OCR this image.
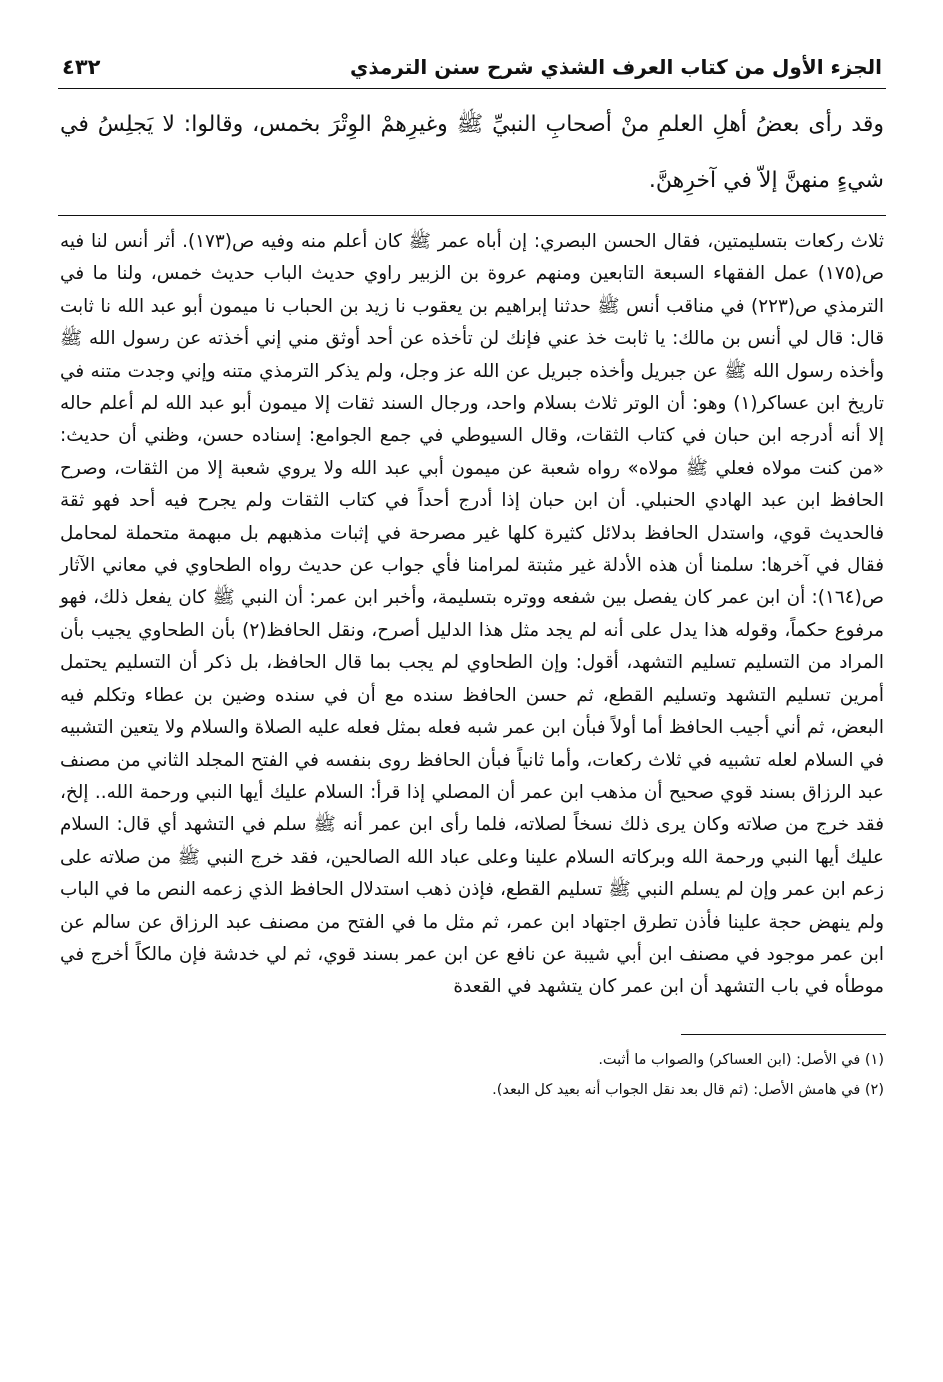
الجزء الأول من كتاب العرف الشذي شرح سنن الترمذي
٤٣٢

وقد رأى بعضُ أهلِ العلمِ منْ أصحابِ النبيِّ ﷺ وغيرِهمْ الوِتْرَ بخمس، وقالوا: لا يَجلِسُ في شيءٍ منهنَّ إلاّ في آخرِهنَّ.

ثلاث ركعات بتسليمتين، فقال الحسن البصري: إن أباه عمر ﷺ كان أعلم منه وفيه ص(١٧٣). أثر أنس لنا فيه ص(١٧٥) عمل الفقهاء السبعة التابعين ومنهم عروة بن الزبير راوي حديث الباب حديث خمس، ولنا ما في الترمذي ص(٢٢٣) في مناقب أنس ﷺ حدثنا إبراهيم بن يعقوب نا زيد بن الحباب نا ميمون أبو عبد الله نا ثابت قال: قال لي أنس بن مالك: يا ثابت خذ عني فإنك لن تأخذه عن أحد أوثق مني إني أخذته عن رسول الله ﷺ وأخذه رسول الله ﷺ عن جبريل وأخذه جبريل عن الله عز وجل، ولم يذكر الترمذي متنه وإني وجدت متنه في تاريخ ابن عساكر(١) وهو: أن الوتر ثلاث بسلام واحد، ورجال السند ثقات إلا ميمون أبو عبد الله لم أعلم حاله إلا أنه أدرجه ابن حبان في كتاب الثقات، وقال السيوطي في جمع الجوامع: إسناده حسن، وظني أن حديث: «من كنت مولاه فعلي ﷺ مولاه» رواه شعبة عن ميمون أبي عبد الله ولا يروي شعبة إلا من الثقات، وصرح الحافظ ابن عبد الهادي الحنبلي. أن ابن حبان إذا أدرج أحداً في كتاب الثقات ولم يجرح فيه أحد فهو ثقة فالحديث قوي، واستدل الحافظ بدلائل كثيرة كلها غير مصرحة في إثبات مذهبهم بل مبهمة متحملة لمحامل فقال في آخرها: سلمنا أن هذه الأدلة غير مثبتة لمرامنا فأي جواب عن حديث رواه الطحاوي في معاني الآثار ص(١٦٤): أن ابن عمر كان يفصل بين شفعه ووتره بتسليمة، وأخبر ابن عمر: أن النبي ﷺ كان يفعل ذلك، فهو مرفوع حكماً، وقوله هذا يدل على أنه لم يجد مثل هذا الدليل أصرح، ونقل الحافظ(٢) بأن الطحاوي يجيب بأن المراد من التسليم تسليم التشهد، أقول: وإن الطحاوي لم يجب بما قال الحافظ، بل ذكر أن التسليم يحتمل أمرين تسليم التشهد وتسليم القطع، ثم حسن الحافظ سنده مع أن في سنده وضين بن عطاء وتكلم فيه البعض، ثم أني أجيب الحافظ أما أولاً فبأن ابن عمر شبه فعله بمثل فعله عليه الصلاة والسلام ولا يتعين التشبيه في السلام لعله تشبيه في ثلاث ركعات، وأما ثانياً فبأن الحافظ روى بنفسه في الفتح المجلد الثاني من مصنف عبد الرزاق بسند قوي صحيح أن مذهب ابن عمر أن المصلي إذا قرأ: السلام عليك أيها النبي ورحمة الله.. إلخ، فقد خرج من صلاته وكان يرى ذلك نسخاً لصلاته، فلما رأى ابن عمر أنه ﷺ سلم في التشهد أي قال: السلام عليك أيها النبي ورحمة الله وبركاته السلام علينا وعلى عباد الله الصالحين، فقد خرج النبي ﷺ من صلاته على زعم ابن عمر وإن لم يسلم النبي ﷺ تسليم القطع، فإذن ذهب استدلال الحافظ الذي زعمه النص ما في الباب ولم ينهض حجة علينا فأذن تطرق اجتهاد ابن عمر، ثم مثل ما في الفتح من مصنف عبد الرزاق عن سالم عن ابن عمر موجود في مصنف ابن أبي شيبة عن نافع عن ابن عمر بسند قوي، ثم لي خدشة فإن مالكاً أخرج في موطأه في باب التشهد أن ابن عمر كان يتشهد في القعدة

(١) في الأصل: (ابن العساكر) والصواب ما أثبت.
(٢) في هامش الأصل: (ثم قال بعد نقل الجواب أنه بعيد كل البعد).
